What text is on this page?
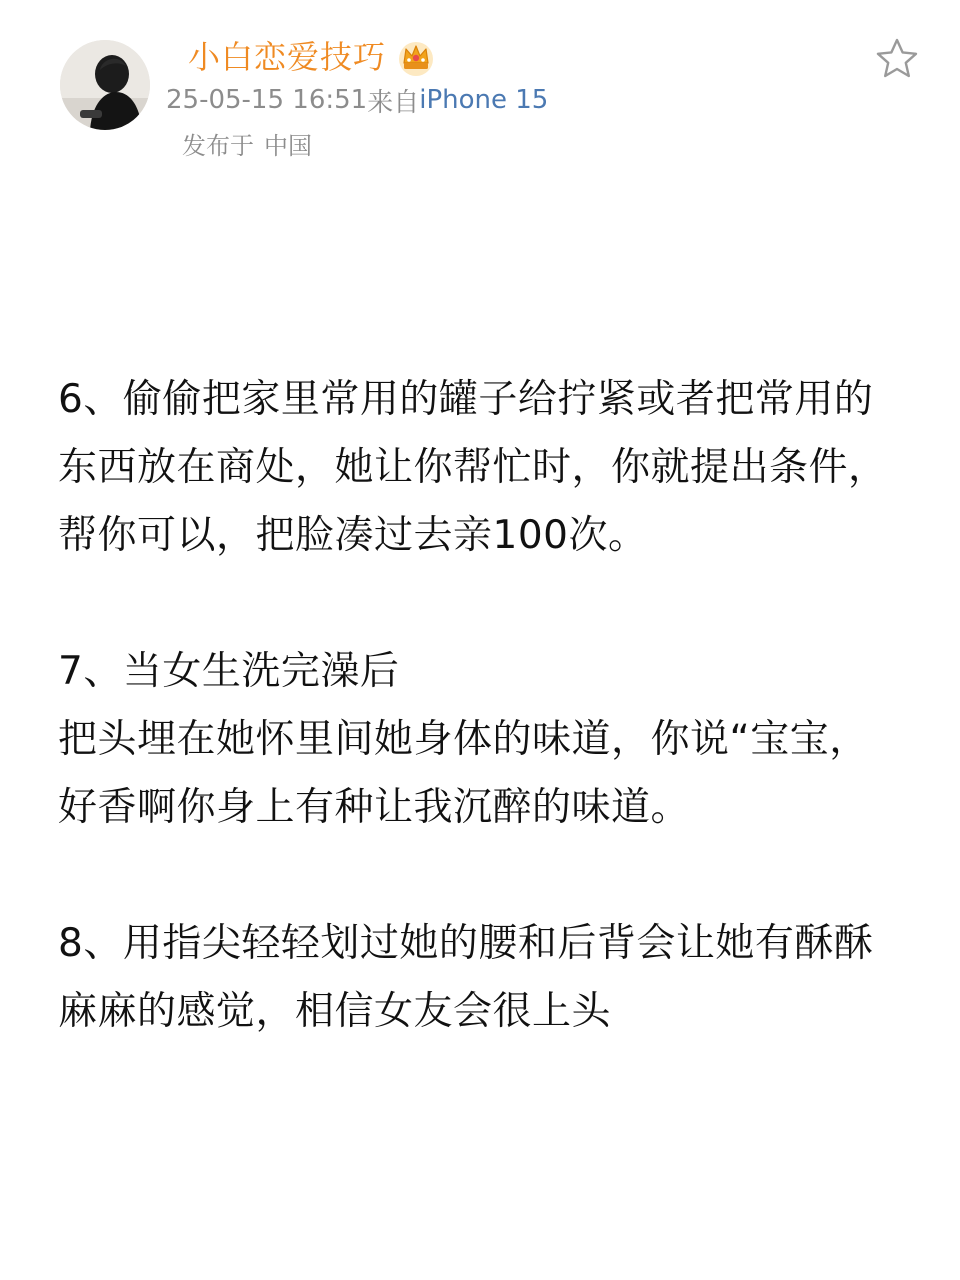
小白恋爱技巧
25-05-15 16:51 来自 iPhone 15
发布于 中国

6、偷偷把家里常用的罐子给拧紧或者把常用的
东西放在商处，她让你帮忙时，你就提出条件，
帮你可以，把脸凑过去亲100次。

7、当女生洗完澡后
把头埋在她怀里间她身体的味道，你说“宝宝，
好香啊你身上有种让我沉醉的味道。

8、用指尖轻轻划过她的腰和后背会让她有酥酥
麻麻的感觉，相信女友会很上头
